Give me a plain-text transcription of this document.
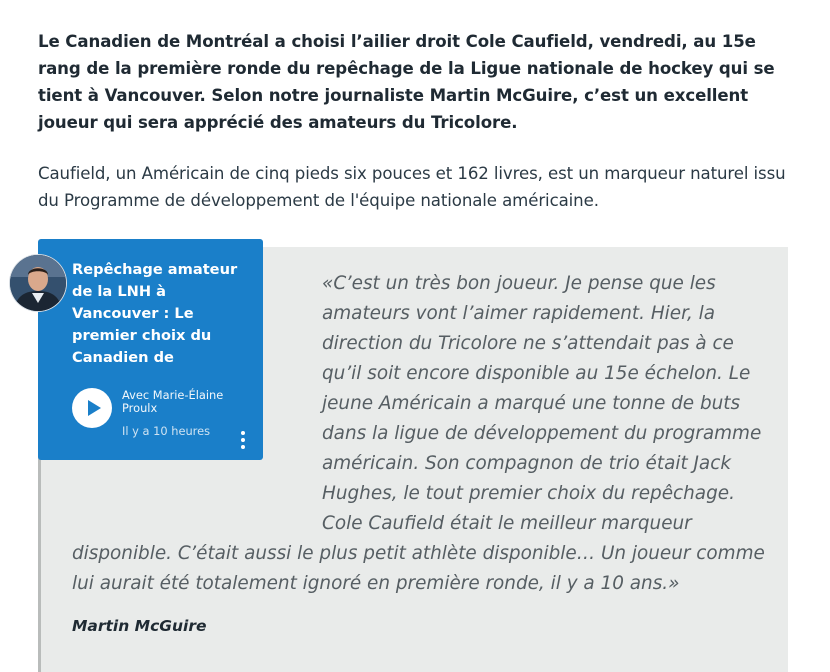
Le Canadien de Montréal a choisi l’ailier droit Cole Caufield, vendredi, au 15e rang de la première ronde du repêchage de la Ligue nationale de hockey qui se tient à Vancouver. Selon notre journaliste Martin McGuire, c’est un excellent joueur qui sera apprécié des amateurs du Tricolore.

Caufield, un Américain de cinq pieds six pouces et 162 livres, est un marqueur naturel issu du Programme de développement de l'équipe nationale américaine.

«C’est un très bon joueur. Je pense que les amateurs vont l’aimer rapidement. Hier, la direction du Tricolore ne s’attendait pas à ce qu’il soit encore disponible au 15e échelon. Le jeune Américain a marqué une tonne de buts dans la ligue de développement du programme américain. Son compagnon de trio était Jack Hughes, le tout premier choix du repêchage. Cole Caufield était le meilleur marqueur disponible. C’était aussi le plus petit athlète disponible… Un joueur comme lui aurait été totalement ignoré en première ronde, il y a 10 ans.»

Martin McGuire

Repêchage amateur de la LNH à Vancouver : Le premier choix du Canadien de

Avec Marie-Élaine Proulx
Il y a 10 heures
